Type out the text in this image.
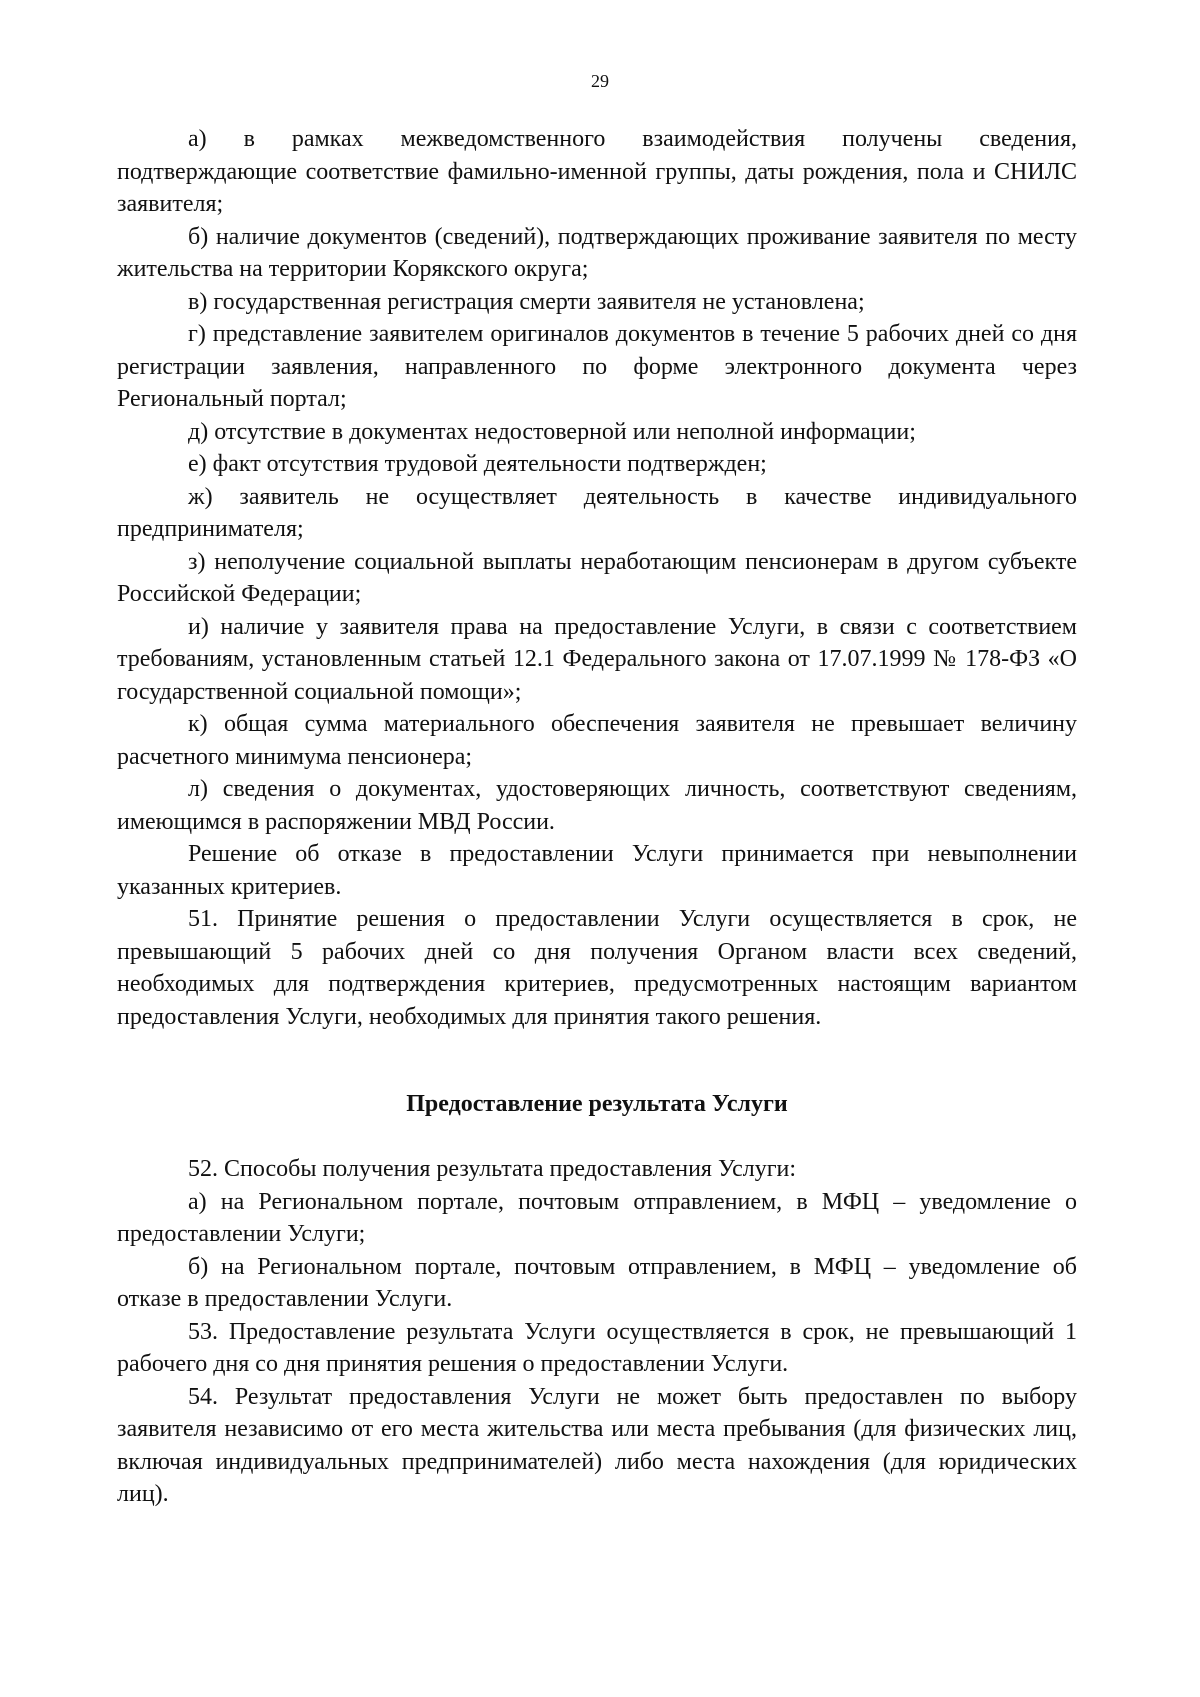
29

а) в рамках межведомственного взаимодействия получены сведения, подтверждающие соответствие фамильно-именной группы, даты рождения, пола и СНИЛС заявителя;

б) наличие документов (сведений), подтверждающих проживание заявителя по месту жительства на территории Корякского округа;

в) государственная регистрация смерти заявителя не установлена;

г) представление заявителем оригиналов документов в течение 5 рабочих дней со дня регистрации заявления, направленного по форме электронного документа через Региональный портал;

д) отсутствие в документах недостоверной или неполной информации;

е) факт отсутствия трудовой деятельности подтвержден;

ж) заявитель не осуществляет деятельность в качестве индивидуального предпринимателя;

з) неполучение социальной выплаты неработающим пенсионерам в другом субъекте Российской Федерации;

и) наличие у заявителя права на предоставление Услуги, в связи с соответствием требованиям, установленным статьей 12.1 Федерального закона от 17.07.1999 № 178-ФЗ «О государственной социальной помощи»;

к) общая сумма материального обеспечения заявителя не превышает величину расчетного минимума пенсионера;

л) сведения о документах, удостоверяющих личность, соответствуют сведениям, имеющимся в распоряжении МВД России.

Решение об отказе в предоставлении Услуги принимается при невыполнении указанных критериев.

51. Принятие решения о предоставлении Услуги осуществляется в срок, не превышающий 5 рабочих дней со дня получения Органом власти всех сведений, необходимых для подтверждения критериев, предусмотренных настоящим вариантом предоставления Услуги, необходимых для принятия такого решения.

Предоставление результата Услуги

52. Способы получения результата предоставления Услуги:

а) на Региональном портале, почтовым отправлением, в МФЦ – уведомление о предоставлении Услуги;

б) на Региональном портале, почтовым отправлением, в МФЦ – уведомление об отказе в предоставлении Услуги.

53. Предоставление результата Услуги осуществляется в срок, не превышающий 1 рабочего дня со дня принятия решения о предоставлении Услуги.

54. Результат предоставления Услуги не может быть предоставлен по выбору заявителя независимо от его места жительства или места пребывания (для физических лиц, включая индивидуальных предпринимателей) либо места нахождения (для юридических лиц).
